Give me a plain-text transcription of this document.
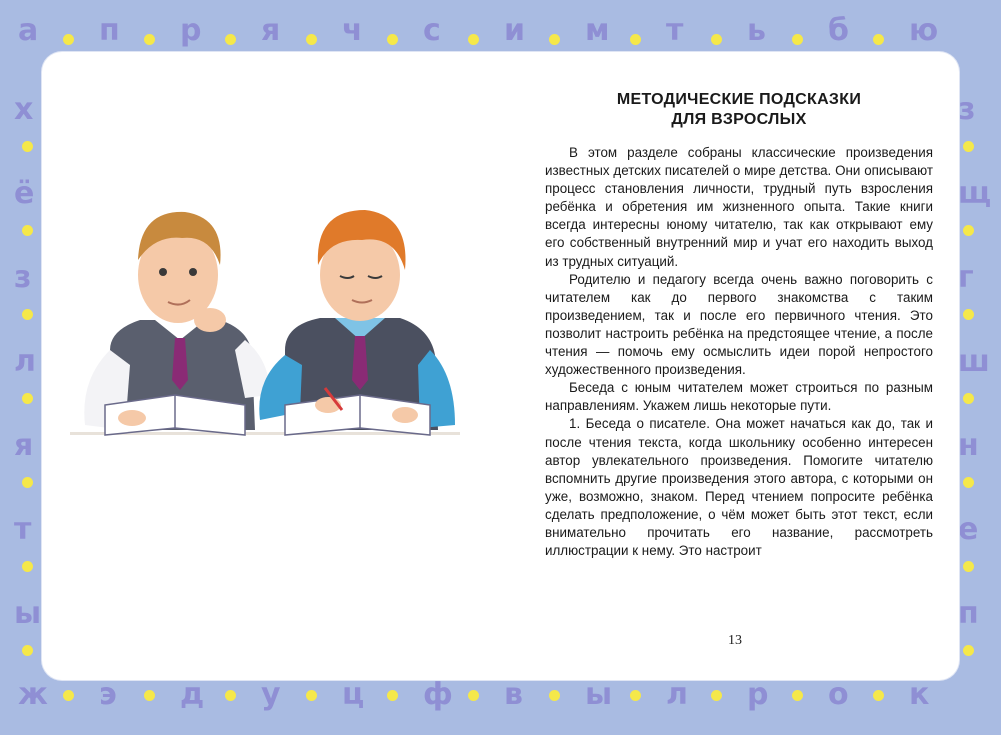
а п р я ч с и м т ь б ю
ж э д у ц ф в ы л р о к
х
ё
з
л
я
т
ы
з
щ
г
ш
н
е
п
МЕТОДИЧЕСКИЕ ПОДСКАЗКИ
ДЛЯ ВЗРОСЛЫХ

В этом разделе собраны классические произведения известных детских писателей о мире детства. Они описывают процесс становления личности, трудный путь взросления ребёнка и обретения им жизненного опыта. Такие книги всегда интересны юному читателю, так как открывают ему его собственный внутренний мир и учат его находить выход из трудных ситуаций.

Родителю и педагогу всегда очень важно поговорить с читателем как до первого знакомства с таким произведением, так и после его первичного чтения. Это позволит настроить ребёнка на предстоящее чтение, а после чтения — помочь ему осмыслить идеи порой непростого художественного произведения.

Беседа с юным читателем может строиться по разным направлениям. Укажем лишь некоторые пути.

1. Беседа о писателе. Она может начаться как до, так и после чтения текста, когда школьнику особенно интересен автор увлекательного произведения. Помогите читателю вспомнить другие произведения этого автора, с которыми он уже, возможно, знаком. Перед чтением попросите ребёнка сделать предположение, о чём может быть этот текст, если внимательно прочитать его название, рассмотреть иллюстрации к нему. Это настроит

13
